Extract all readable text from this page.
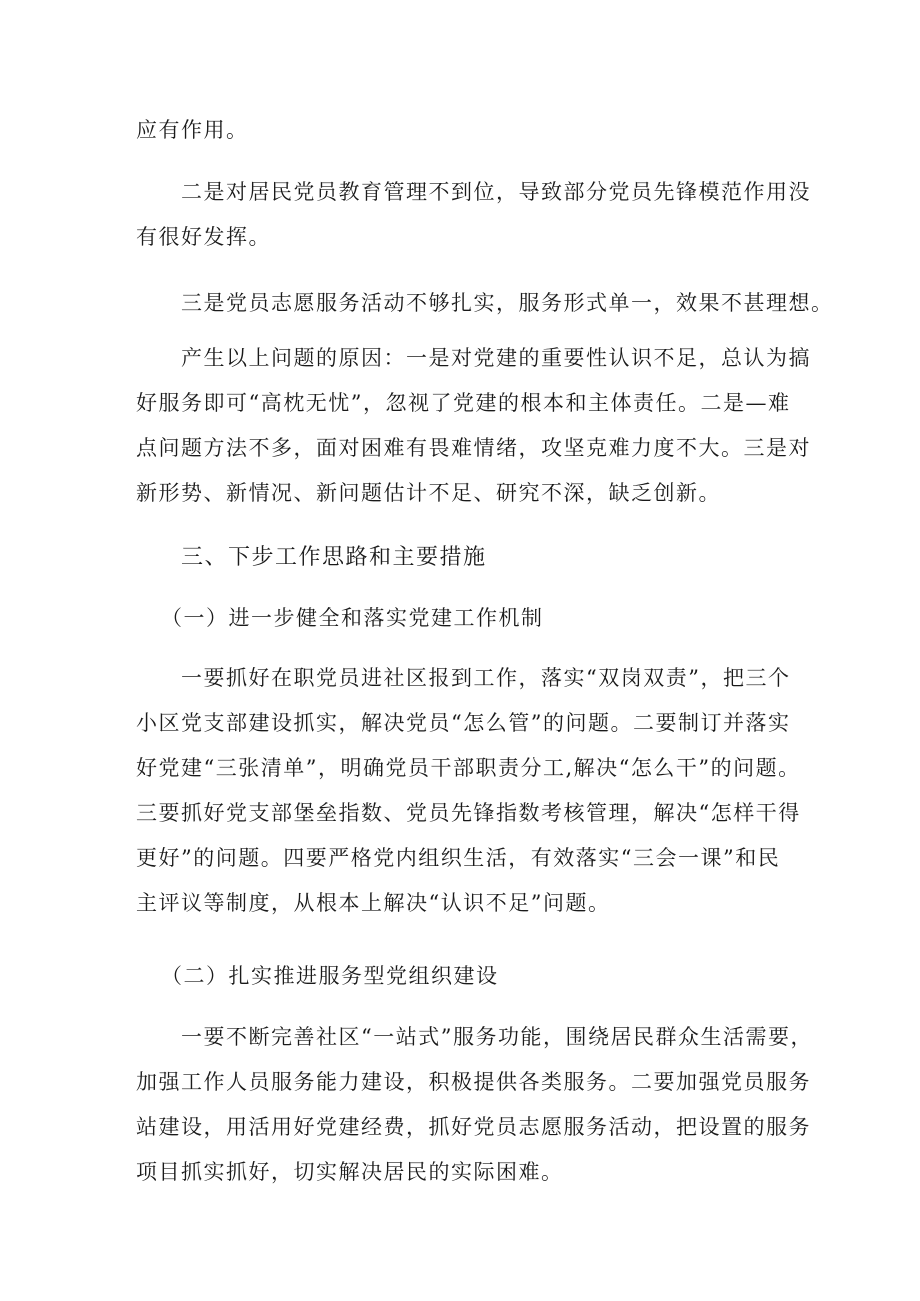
应有作用。
二是对居民党员教育管理不到位，导致部分党员先锋模范作用没
有很好发挥。
三是党员志愿服务活动不够扎实，服务形式单一，效果不甚理想。
产生以上问题的原因：一是对党建的重要性认识不足，总认为搞
好服务即可“高枕无忧”，忽视了党建的根本和主体责任。二是—难
点问题方法不多，面对困难有畏难情绪，攻坚克难力度不大。三是对
新形势、新情况、新问题估计不足、研究不深，缺乏创新。
三、下步工作思路和主要措施
（一）进一步健全和落实党建工作机制
一要抓好在职党员进社区报到工作，落实“双岗双责”，把三个
小区党支部建设抓实，解决党员“怎么管”的问题。二要制订并落实
好党建“三张清单”，明确党员干部职责分工,解决“怎么干”的问题。
三要抓好党支部堡垒指数、党员先锋指数考核管理，解决“怎样干得
更好”的问题。四要严格党内组织生活，有效落实“三会一课”和民
主评议等制度，从根本上解决“认识不足”问题。
（二）扎实推进服务型党组织建设
一要不断完善社区“一站式”服务功能，围绕居民群众生活需要，
加强工作人员服务能力建设，积极提供各类服务。二要加强党员服务
站建设，用活用好党建经费，抓好党员志愿服务活动，把设置的服务
项目抓实抓好，切实解决居民的实际困难。
